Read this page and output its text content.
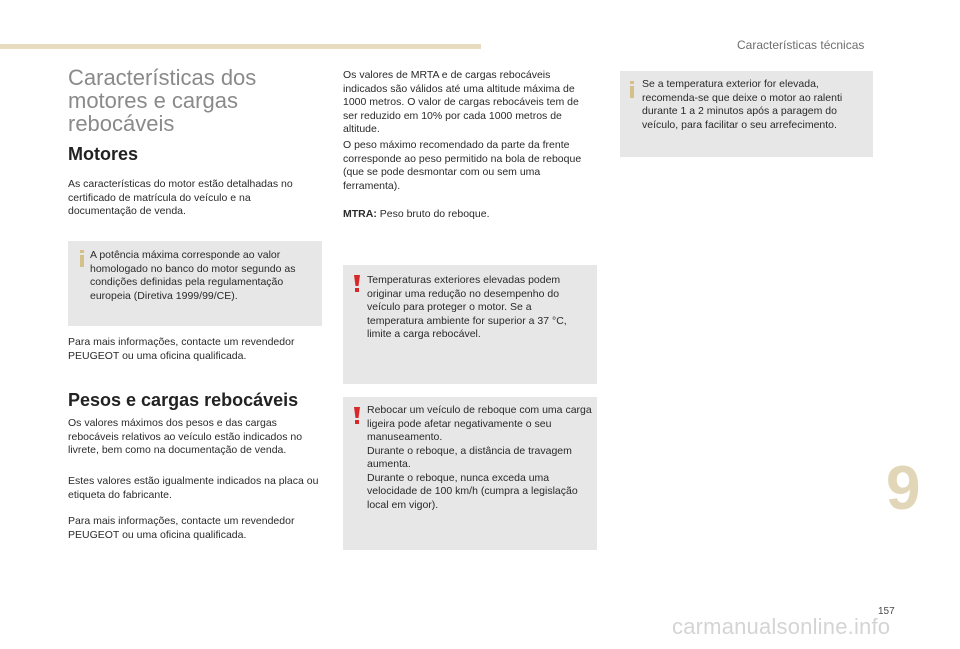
Características técnicas
Características dos motores e cargas rebocáveis
Motores

As características do motor estão detalhadas no certificado de matrícula do veículo e na documentação de venda.

A potência máxima corresponde ao valor homologado no banco do motor segundo as condições definidas pela regulamentação europeia (Diretiva 1999/99/CE).

Para mais informações, contacte um revendedor PEUGEOT ou uma oficina qualificada.

Pesos e cargas rebocáveis

Os valores máximos dos pesos e das cargas rebocáveis relativos ao veículo estão indicados no livrete, bem como na documentação de venda.

Estes valores estão igualmente indicados na placa ou etiqueta do fabricante.

Para mais informações, contacte um revendedor PEUGEOT ou uma oficina qualificada.

Os valores de MRTA e de cargas rebocáveis indicados são válidos até uma altitude máxima de 1000 metros. O valor de cargas rebocáveis tem de ser reduzido em 10% por cada 1000 metros de altitude.

O peso máximo recomendado da parte da frente corresponde ao peso permitido na bola de reboque (que se pode desmontar com ou sem uma ferramenta).

MTRA: Peso bruto do reboque.

Temperaturas exteriores elevadas podem originar uma redução no desempenho do veículo para proteger o motor. Se a temperatura ambiente for superior a 37 °C, limite a carga rebocável.

Rebocar um veículo de reboque com uma carga ligeira pode afetar negativamente o seu manuseamento.
Durante o reboque, a distância de travagem aumenta.
Durante o reboque, nunca exceda uma velocidade de 100 km/h (cumpra a legislação local em vigor).

Se a temperatura exterior for elevada, recomenda-se que deixe o motor ao ralenti durante 1 a 2 minutos após a paragem do veículo, para facilitar o seu arrefecimento.

9
157
carmanualsonline.info
